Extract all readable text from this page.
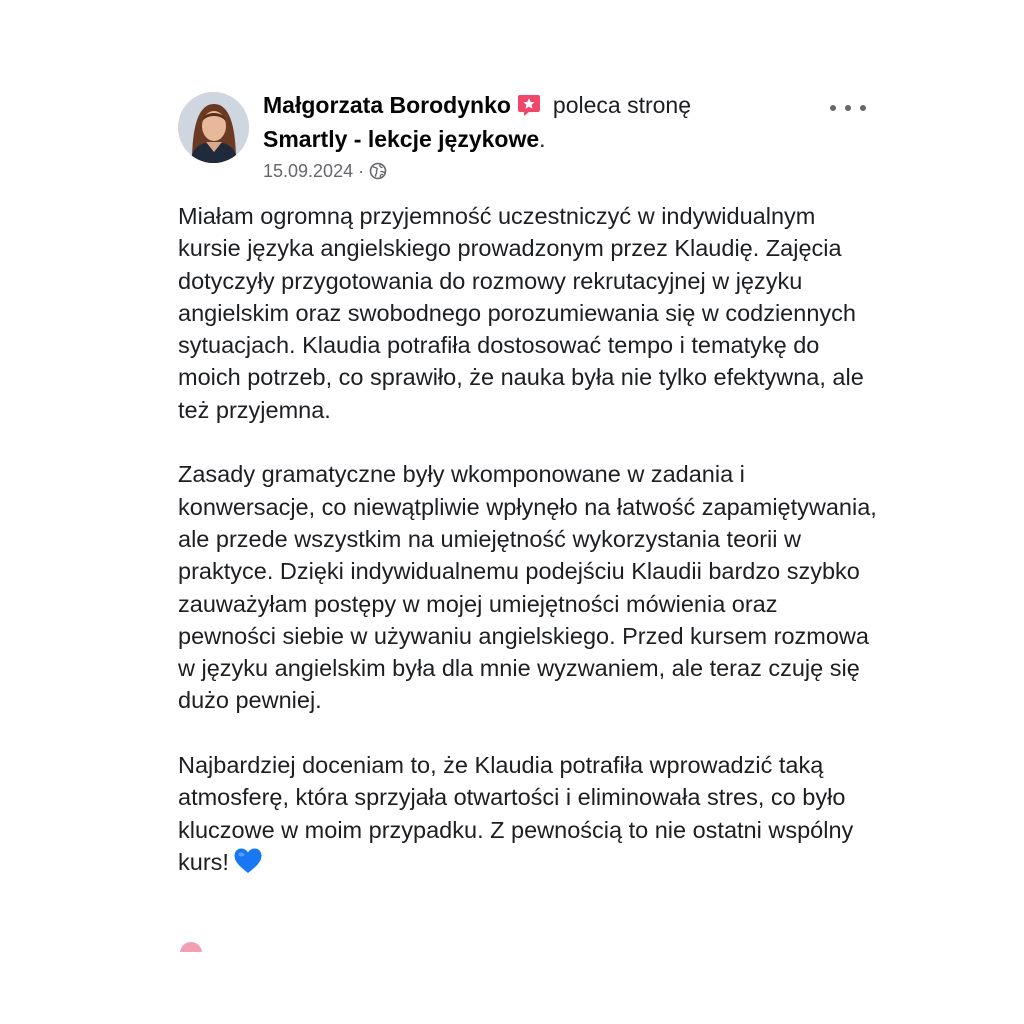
Małgorzata Borodynko poleca stronę
Smartly - lekcje językowe.
15.09.2024 ·

Miałam ogromną przyjemność uczestniczyć w indywidualnym kursie języka angielskiego prowadzonym przez Klaudię. Zajęcia dotyczyły przygotowania do rozmowy rekrutacyjnej w języku angielskim oraz swobodnego porozumiewania się w codziennych sytuacjach. Klaudia potrafiła dostosować tempo i tematykę do moich potrzeb, co sprawiło, że nauka była nie tylko efektywna, ale też przyjemna.

Zasady gramatyczne były wkomponowane w zadania i konwersacje, co niewątpliwie wpłynęło na łatwość zapamiętywania, ale przede wszystkim na umiejętność wykorzystania teorii w praktyce. Dzięki indywidualnemu podejściu Klaudii bardzo szybko zauważyłam postępy w mojej umiejętności mówienia oraz pewności siebie w używaniu angielskiego. Przed kursem rozmowa w języku angielskim była dla mnie wyzwaniem, ale teraz czuję się dużo pewniej.

Najbardziej doceniam to, że Klaudia potrafiła wprowadzić taką atmosferę, która sprzyjała otwartości i eliminowała stres, co było kluczowe w moim przypadku. Z pewnością to nie ostatni wspólny kurs!
